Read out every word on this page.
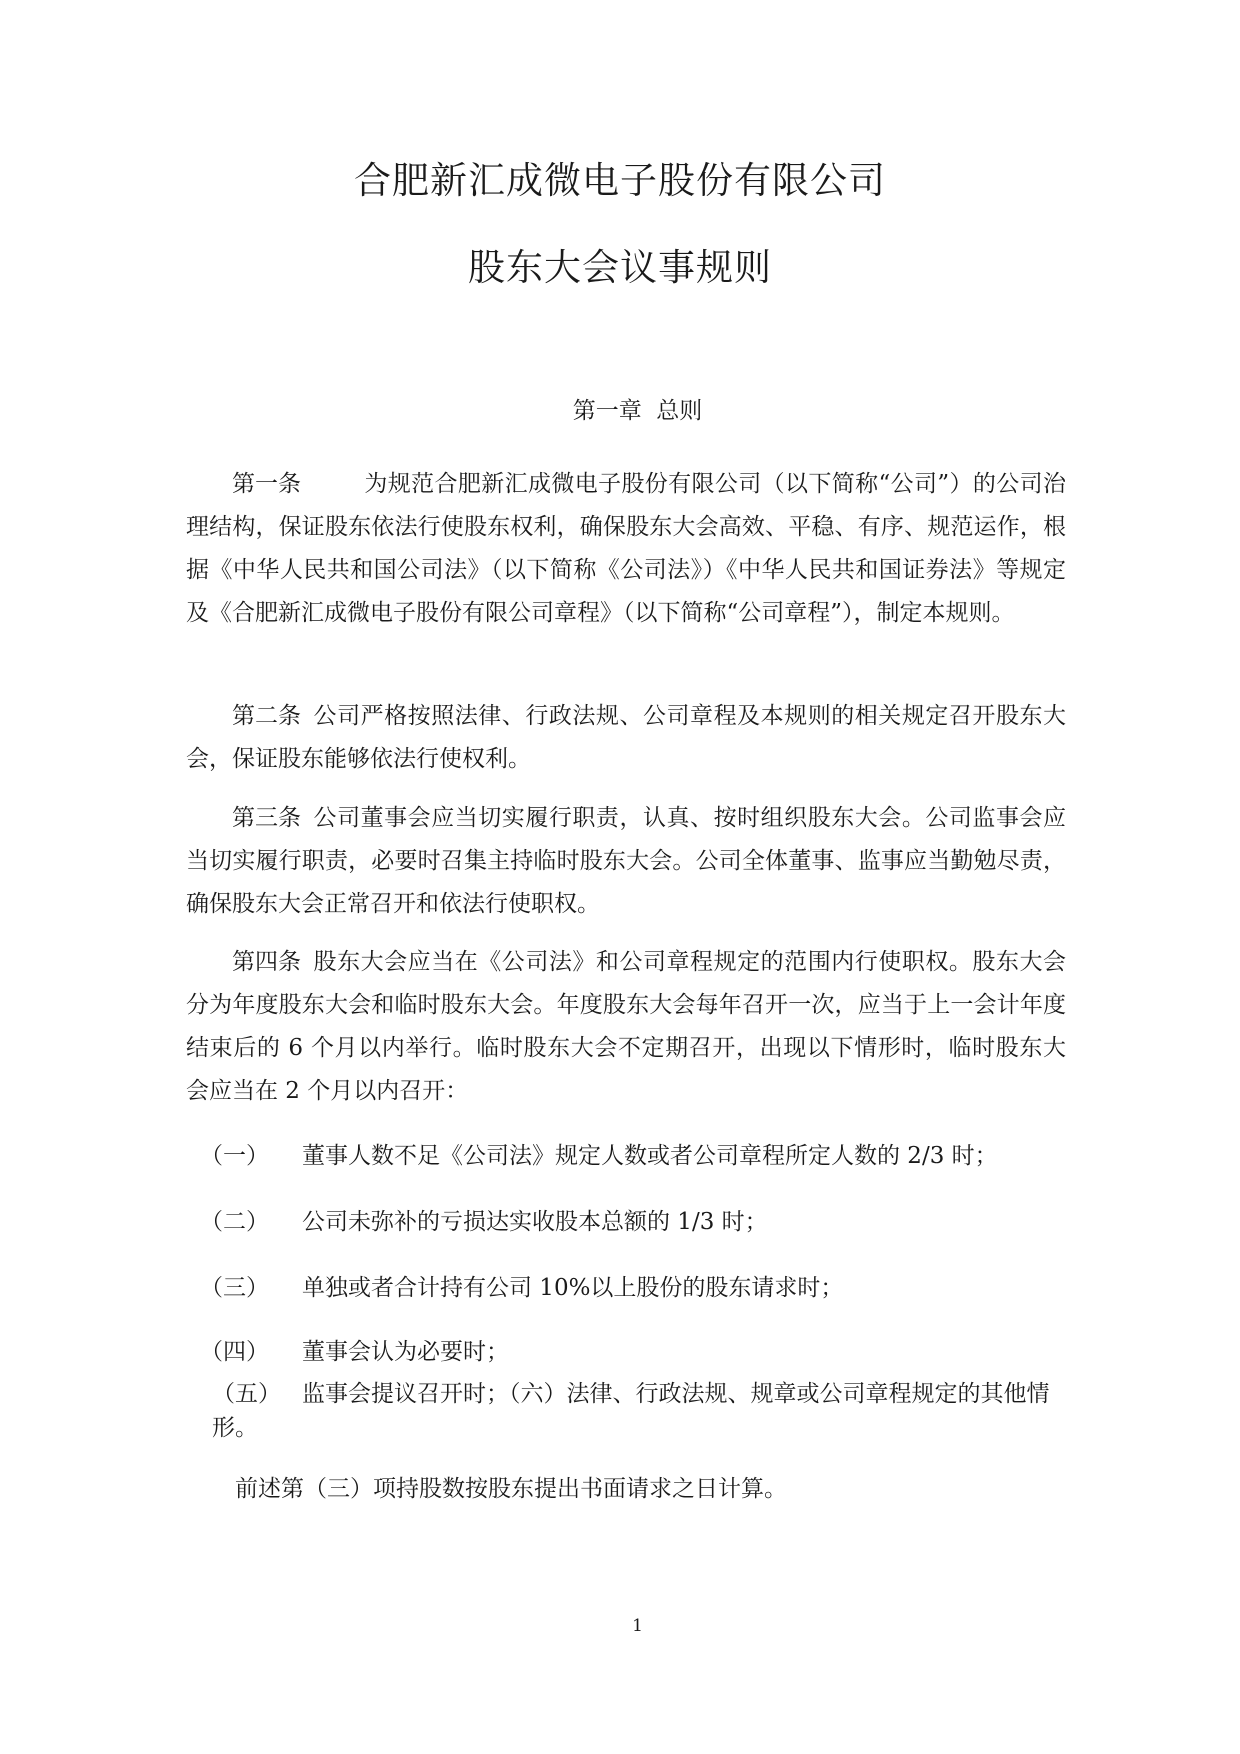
合肥新汇成微电子股份有限公司
股东大会议事规则
第一章  总则

第一条	为规范合肥新汇成微电子股份有限公司（以下简称“公司”）的公司治理结构，保证股东依法行使股东权利，确保股东大会高效、平稳、有序、规范运作，根据《中华人民共和国公司法》（以下简称《公司法》）《中华人民共和国证券法》等规定及《合肥新汇成微电子股份有限公司章程》（以下简称“公司章程”），制定本规则。

第二条 公司严格按照法律、行政法规、公司章程及本规则的相关规定召开股东大会，保证股东能够依法行使权利。

第三条 公司董事会应当切实履行职责，认真、按时组织股东大会。公司监事会应当切实履行职责，必要时召集主持临时股东大会。公司全体董事、监事应当勤勉尽责，确保股东大会正常召开和依法行使职权。

第四条 股东大会应当在《公司法》和公司章程规定的范围内行使职权。股东大会分为年度股东大会和临时股东大会。年度股东大会每年召开一次，应当于上一会计年度结束后的 6 个月以内举行。临时股东大会不定期召开，出现以下情形时，临时股东大会应当在 2 个月以内召开：

（一） 董事人数不足《公司法》规定人数或者公司章程所定人数的 2/3 时；

（二） 公司未弥补的亏损达实收股本总额的 1/3 时；

（三） 单独或者合计持有公司 10%以上股份的股东请求时；

（四） 董事会认为必要时；

（五） 监事会提议召开时；（六）法律、行政法规、规章或公司章程规定的其他情形。

前述第（三）项持股数按股东提出书面请求之日计算。

1
